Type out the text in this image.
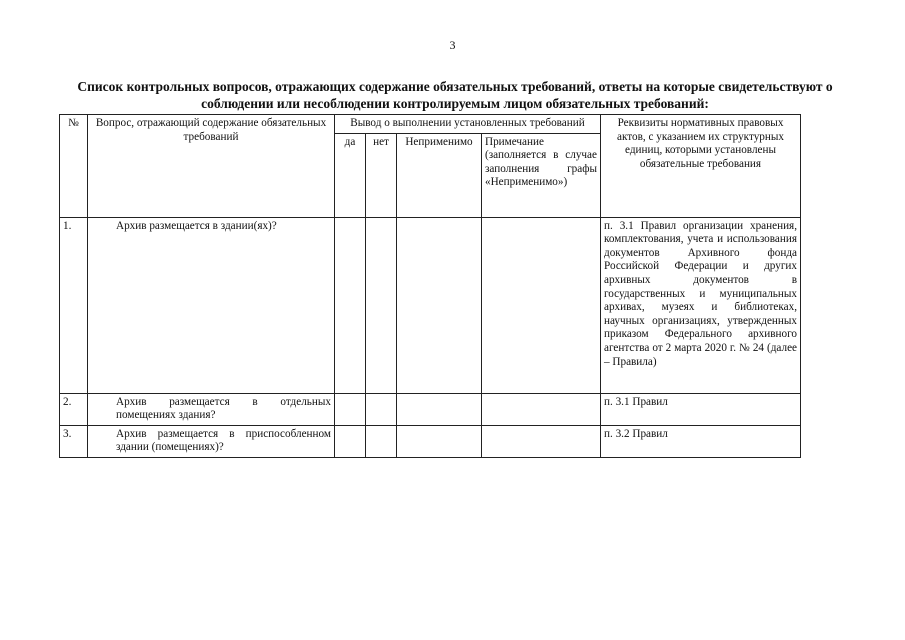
3
Список контрольных вопросов, отражающих содержание обязательных требований, ответы на которые свидетельствуют о соблюдении или несоблюдении контролируемым лицом обязательных требований:
№	Вопрос, отражающий содержание обязательных требований	Вывод о выполнении установленных требований				Реквизиты нормативных правовых актов, с указанием их структурных единиц, которыми установлены обязательные требования
		да	нет	Неприменимо	Примечание (заполняется в случае заполнения графы «Неприменимо»)	
1.	Архив размещается в здании(ях)?					п. 3.1 Правил организации хранения, комплектования, учета и использования документов Архивного фонда Российской Федерации и других архивных документов в государственных и муниципальных архивах, музеях и библиотеках, научных организациях, утвержденных приказом Федерального архивного агентства от 2 марта 2020 г. № 24 (далее – Правила)
2.	Архив размещается в отдельных помещениях здания?					п. 3.1 Правил
3.	Архив размещается в приспособленном здании (помещениях)?					п. 3.2 Правил
